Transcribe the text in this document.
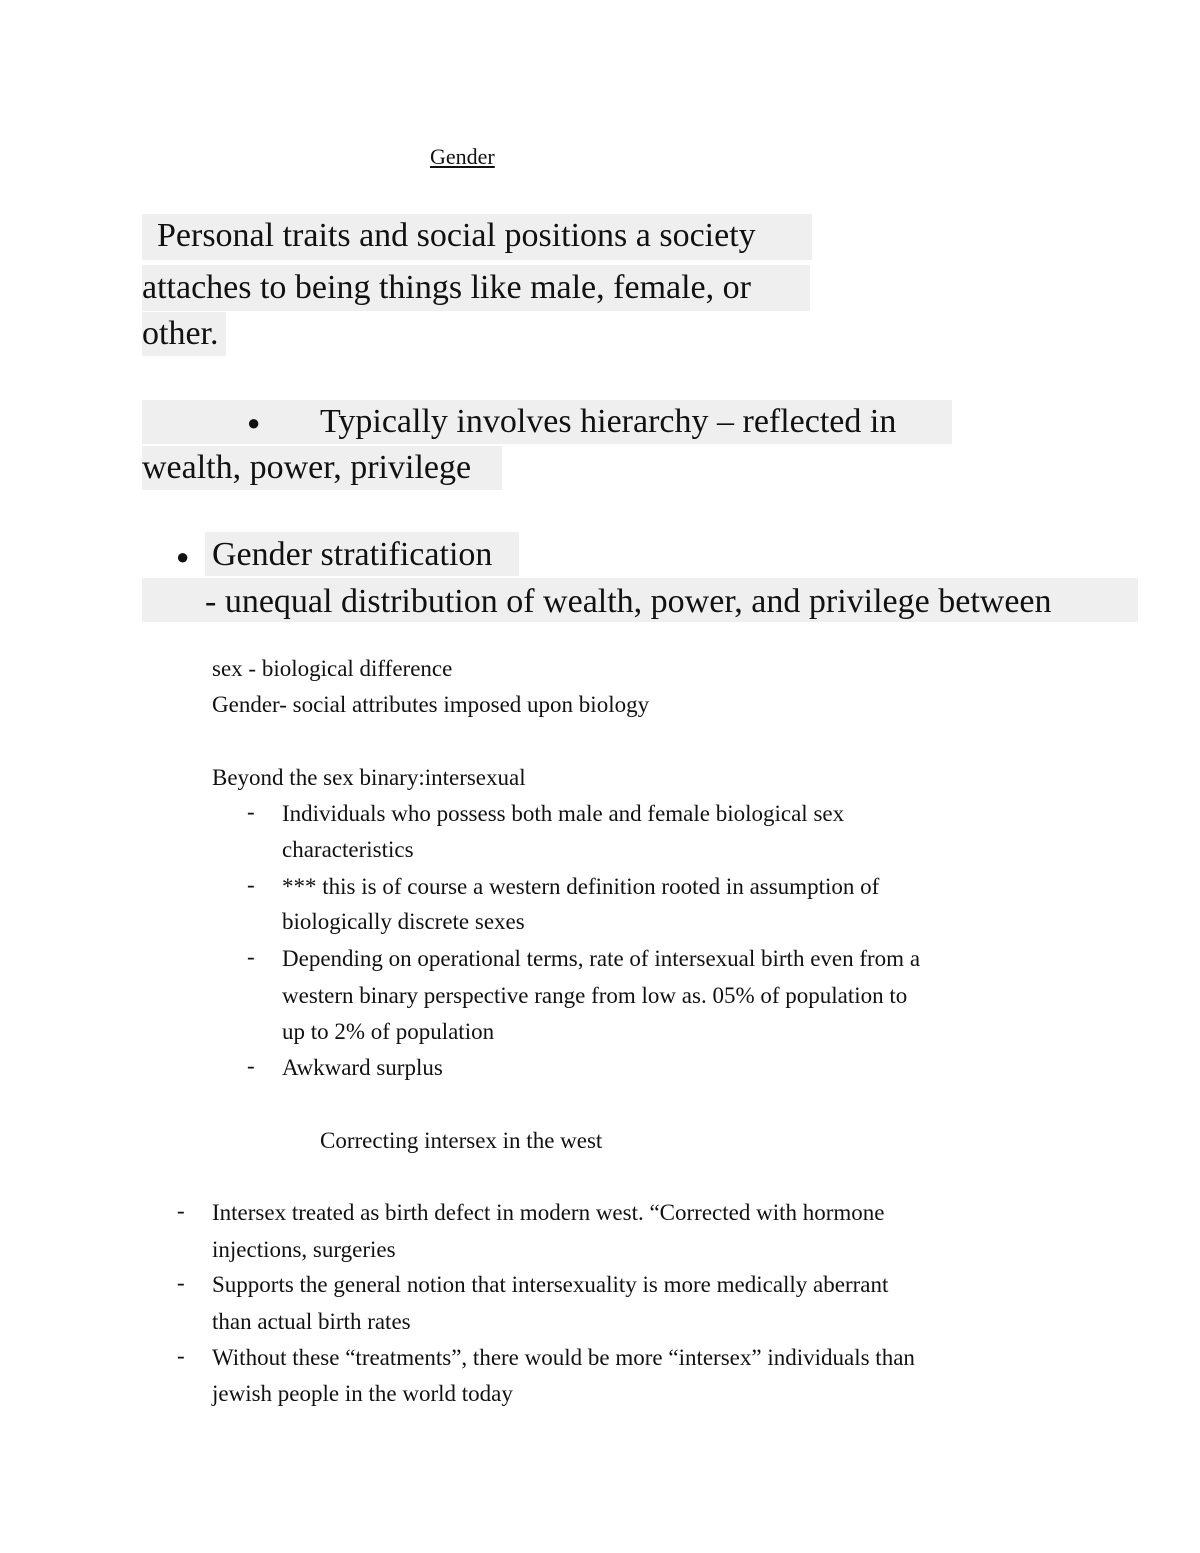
Gender
Personal traits and social positions a society
attaches to being things like male, female, or
other.
● Typically involves hierarchy – reflected in
wealth, power, privilege
● Gender stratification
- unequal distribution of wealth, power, and privilege between
sex - biological difference
Gender- social attributes imposed upon biology
Beyond the sex binary:intersexual
- Individuals who possess both male and female biological sex
characteristics
- *** this is of course a western definition rooted in assumption of
biologically discrete sexes
- Depending on operational terms, rate of intersexual birth even from a
western binary perspective range from low as. 05% of population to
up to 2% of population
- Awkward surplus
Correcting intersex in the west
- Intersex treated as birth defect in modern west. “Corrected with hormone
injections, surgeries
- Supports the general notion that intersexuality is more medically aberrant
than actual birth rates
- Without these “treatments”, there would be more “intersex” individuals than
jewish people in the world today
